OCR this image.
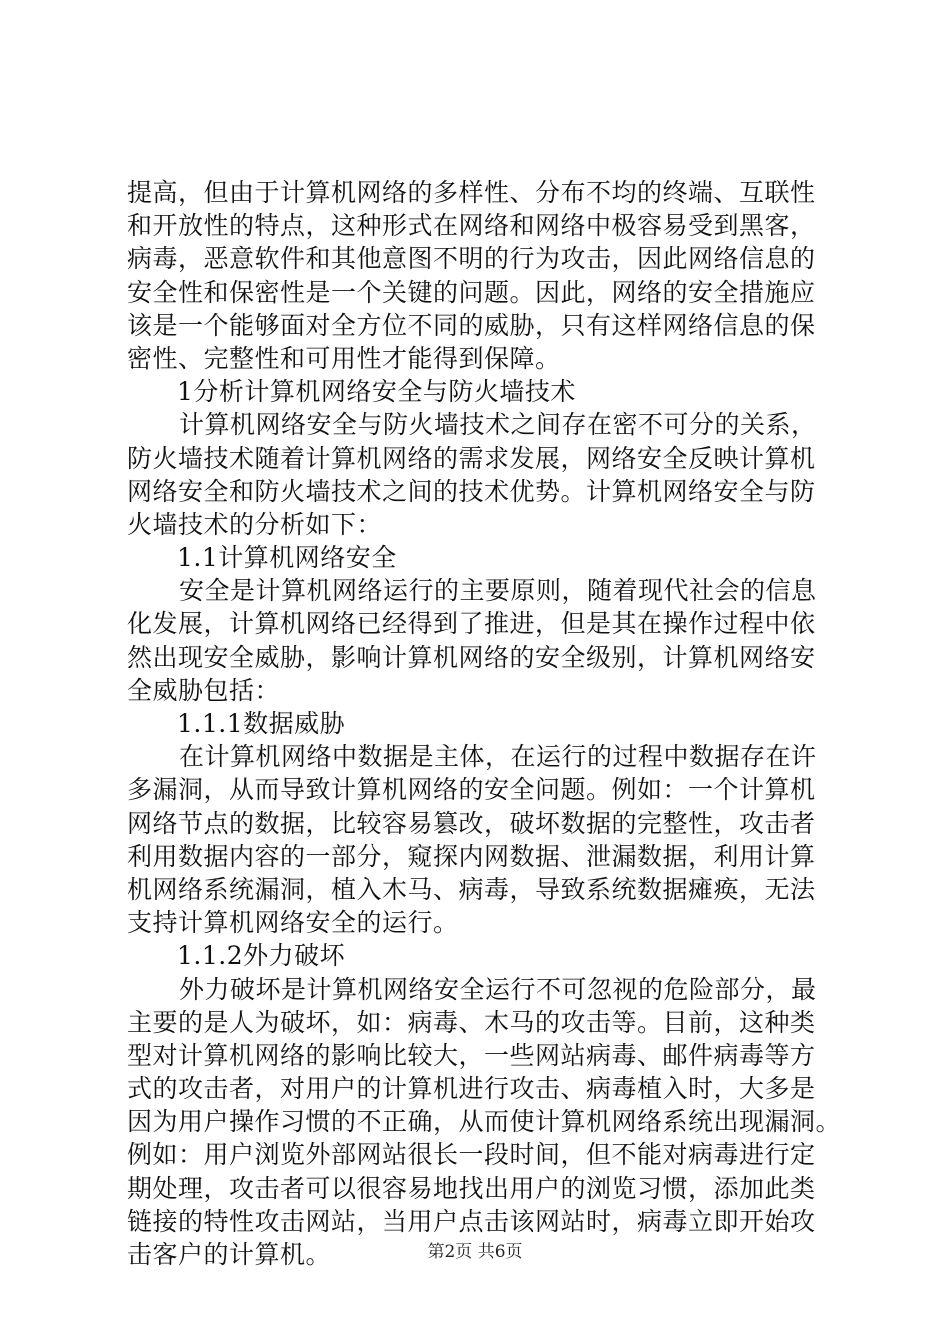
提高，但由于计算机网络的多样性、分布不均的终端、互联性
和开放性的特点，这种形式在网络和网络中极容易受到黑客，
病毒，恶意软件和其他意图不明的行为攻击，因此网络信息的
安全性和保密性是一个关键的问题。因此，网络的安全措施应
该是一个能够面对全方位不同的威胁，只有这样网络信息的保
密性、完整性和可用性才能得到保障。
1分析计算机网络安全与防火墙技术
计算机网络安全与防火墙技术之间存在密不可分的关系，
防火墙技术随着计算机网络的需求发展，网络安全反映计算机
网络安全和防火墙技术之间的技术优势。计算机网络安全与防
火墙技术的分析如下：
1.1计算机网络安全
安全是计算机网络运行的主要原则，随着现代社会的信息
化发展，计算机网络已经得到了推进，但是其在操作过程中依
然出现安全威胁，影响计算机网络的安全级别，计算机网络安
全威胁包括：
1.1.1数据威胁
在计算机网络中数据是主体，在运行的过程中数据存在许
多漏洞，从而导致计算机网络的安全问题。例如：一个计算机
网络节点的数据，比较容易篡改，破坏数据的完整性，攻击者
利用数据内容的一部分，窥探内网数据、泄漏数据，利用计算
机网络系统漏洞，植入木马、病毒，导致系统数据瘫痪，无法
支持计算机网络安全的运行。
1.1.2外力破坏
外力破坏是计算机网络安全运行不可忽视的危险部分，最
主要的是人为破坏，如：病毒、木马的攻击等。目前，这种类
型对计算机网络的影响比较大，一些网站病毒、邮件病毒等方
式的攻击者，对用户的计算机进行攻击、病毒植入时，大多是
因为用户操作习惯的不正确，从而使计算机网络系统出现漏洞。
例如：用户浏览外部网站很长一段时间，但不能对病毒进行定
期处理，攻击者可以很容易地找出用户的浏览习惯，添加此类
链接的特性攻击网站，当用户点击该网站时，病毒立即开始攻
击客户的计算机。	第2页 共6页
